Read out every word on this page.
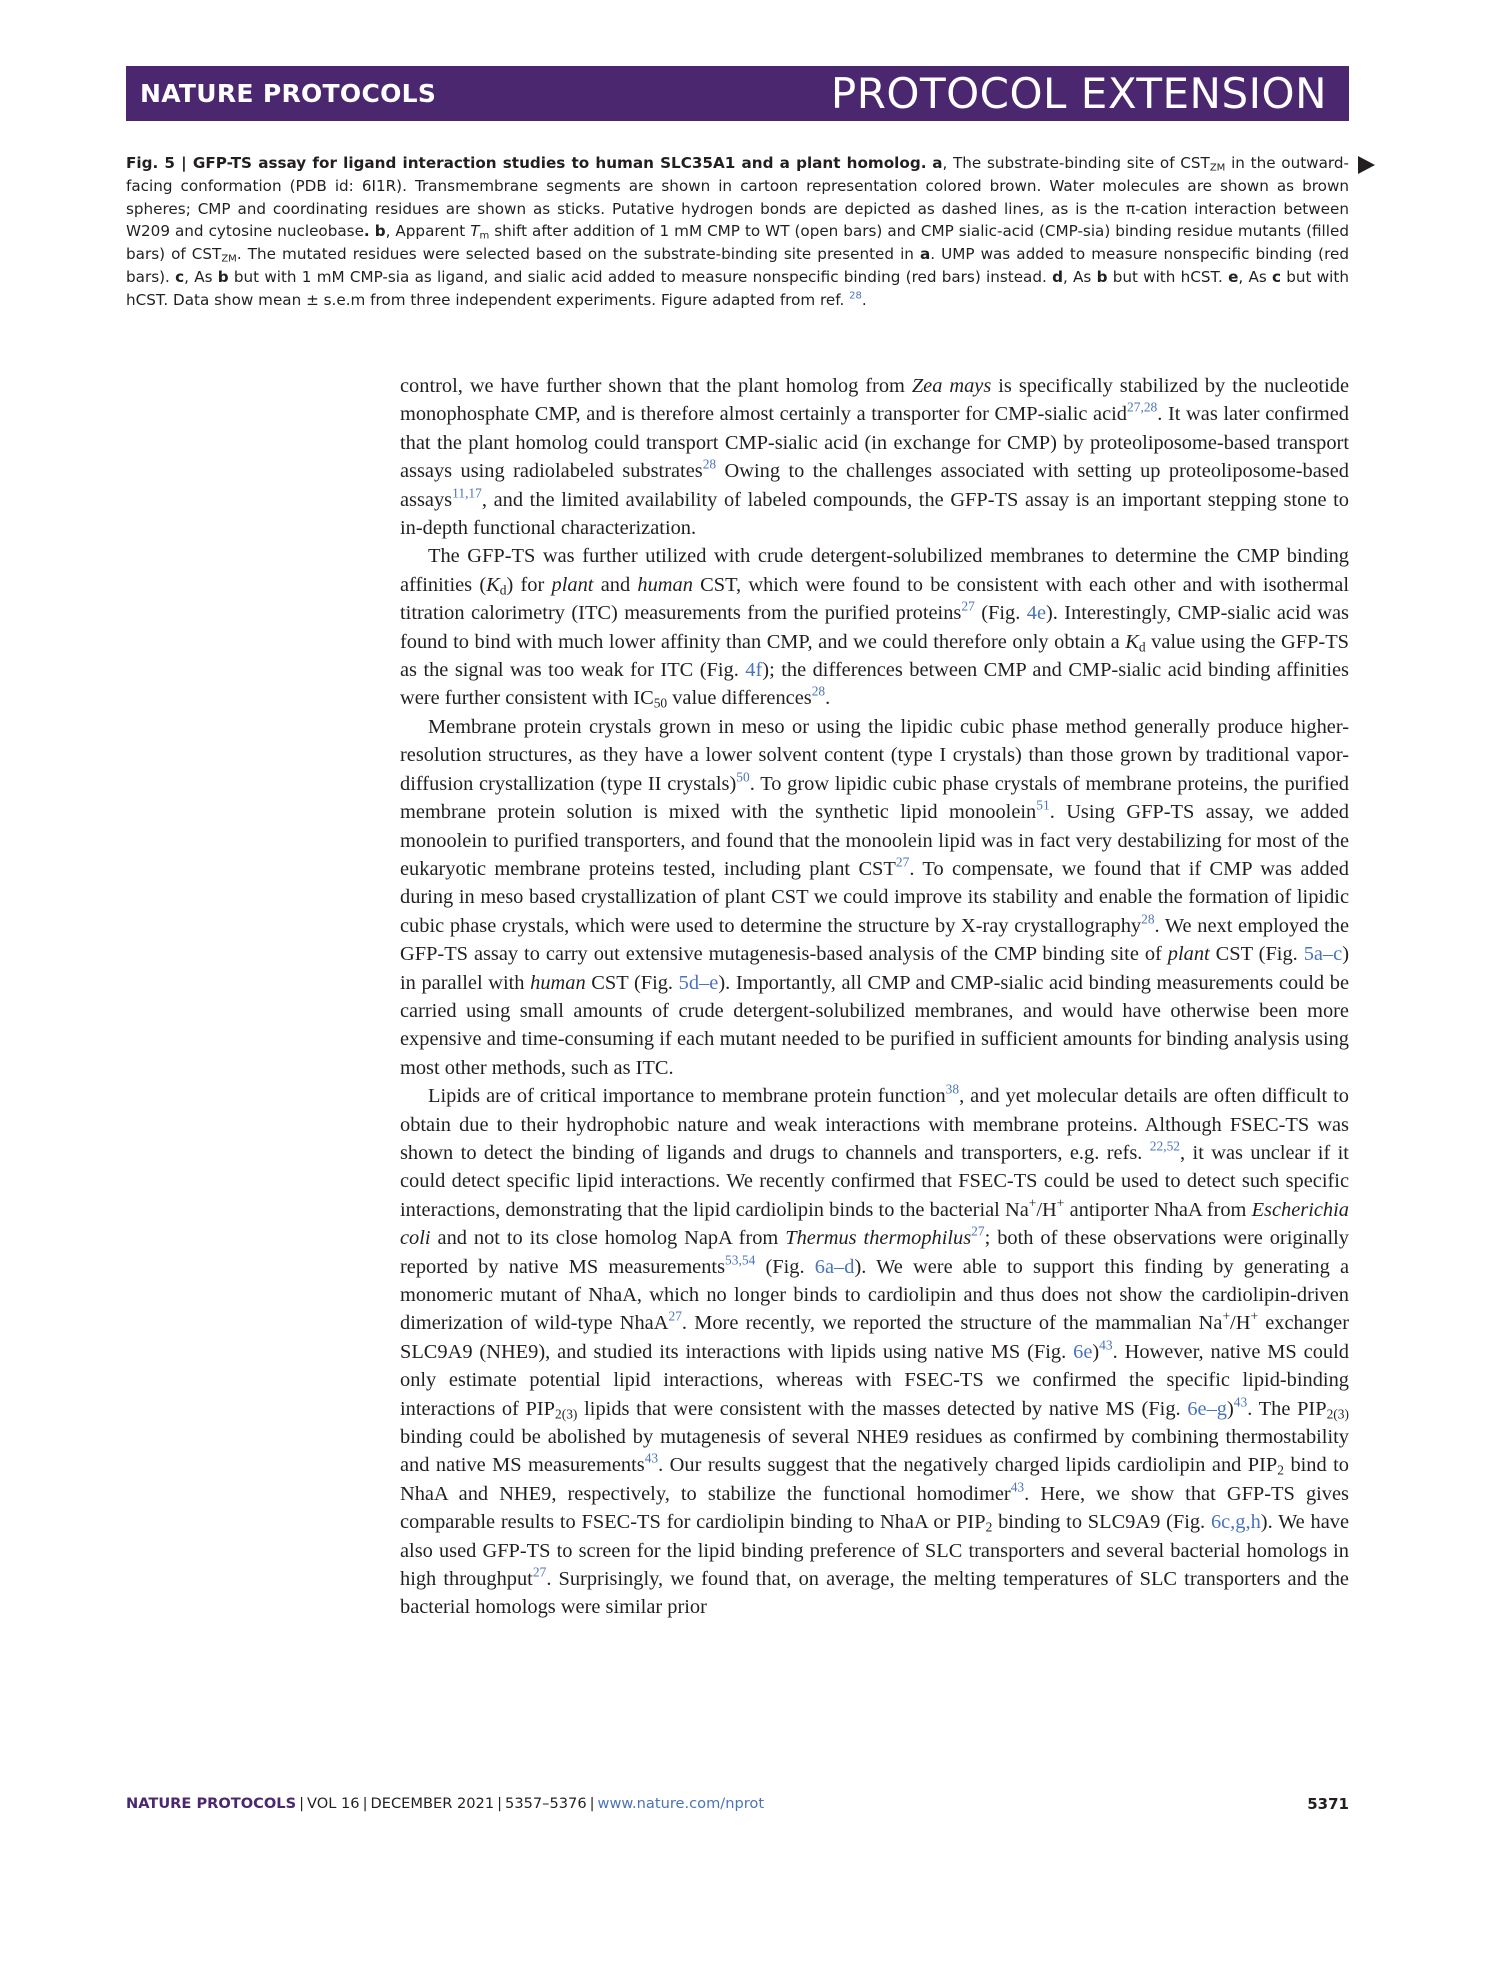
NATURE PROTOCOLS	PROTOCOL EXTENSION
Fig. 5 | GFP-TS assay for ligand interaction studies to human SLC35A1 and a plant homolog. a, The substrate-binding site of $CST_{ZM}$ in the outward-facing conformation (PDB id: 6I1R). Transmembrane segments are shown in cartoon representation colored brown. Water molecules are shown as brown spheres; CMP and coordinating residues are shown as sticks. Putative hydrogen bonds are depicted as dashed lines, as is the π-cation interaction between W209 and cytosine nucleobase. b, Apparent $T_m$ shift after addition of 1 mM CMP to WT (open bars) and CMP sialic-acid (CMP-sia) binding residue mutants (filled bars) of $CST_{ZM}$. The mutated residues were selected based on the substrate-binding site presented in a. UMP was added to measure nonspecific binding (red bars). c, As b but with 1 mM CMP-sia as ligand, and sialic acid added to measure nonspecific binding (red bars) instead. d, As b but with hCST. e, As c but with hCST. Data show mean ± s.e.m from three independent experiments. Figure adapted from ref. $^{28}$.

control, we have further shown that the plant homolog from Zea mays is specifically stabilized by the nucleotide monophosphate CMP, and is therefore almost certainly a transporter for CMP-sialic acid$^{27,28}$. It was later confirmed that the plant homolog could transport CMP-sialic acid (in exchange for CMP) by proteoliposome-based transport assays using radiolabeled substrates$^{28}$ Owing to the challenges associated with setting up proteoliposome-based assays$^{11,17}$, and the limited availability of labeled compounds, the GFP-TS assay is an important stepping stone to in-depth functional characterization.

The GFP-TS was further utilized with crude detergent-solubilized membranes to determine the CMP binding affinities $(K_d)$ for plant and human CST, which were found to be consistent with each other and with isothermal titration calorimetry (ITC) measurements from the purified proteins$^{27}$ (Fig. 4e). Interestingly, CMP-sialic acid was found to bind with much lower affinity than CMP, and we could therefore only obtain a $K_d$ value using the GFP-TS as the signal was too weak for ITC (Fig. 4f); the differences between CMP and CMP-sialic acid binding affinities were further consistent with $IC_{50}$ value differences$^{28}$.

Membrane protein crystals grown in meso or using the lipidic cubic phase method generally produce higher-resolution structures, as they have a lower solvent content (type I crystals) than those grown by traditional vapor-diffusion crystallization (type II crystals)$^{50}$. To grow lipidic cubic phase crystals of membrane proteins, the purified membrane protein solution is mixed with the synthetic lipid monoolein$^{51}$. Using GFP-TS assay, we added monoolein to purified transporters, and found that the monoolein lipid was in fact very destabilizing for most of the eukaryotic membrane proteins tested, including plant CST$^{27}$. To compensate, we found that if CMP was added during in meso based crystallization of plant CST we could improve its stability and enable the formation of lipidic cubic phase crystals, which were used to determine the structure by X-ray crystallography$^{28}$. We next employed the GFP-TS assay to carry out extensive mutagenesis-based analysis of the CMP binding site of plant CST (Fig. 5a–c) in parallel with human CST (Fig. 5d–e). Importantly, all CMP and CMP-sialic acid binding measurements could be carried using small amounts of crude detergent-solubilized membranes, and would have otherwise been more expensive and time-consuming if each mutant needed to be purified in sufficient amounts for binding analysis using most other methods, such as ITC.

Lipids are of critical importance to membrane protein function$^{38}$, and yet molecular details are often difficult to obtain due to their hydrophobic nature and weak interactions with membrane proteins. Although FSEC-TS was shown to detect the binding of ligands and drugs to channels and transporters, e.g. refs. $^{22,52}$, it was unclear if it could detect specific lipid interactions. We recently confirmed that FSEC-TS could be used to detect such specific interactions, demonstrating that the lipid cardiolipin binds to the bacterial Na+/H+ antiporter NhaA from Escherichia coli and not to its close homolog NapA from Thermus thermophilus$^{27}$; both of these observations were originally reported by native MS measurements$^{53,54}$ (Fig. 6a–d). We were able to support this finding by generating a monomeric mutant of NhaA, which no longer binds to cardiolipin and thus does not show the cardiolipin-driven dimerization of wild-type NhaA$^{27}$. More recently, we reported the structure of the mammalian Na+/H+ exchanger SLC9A9 (NHE9), and studied its interactions with lipids using native MS (Fig. 6e)$^{43}$. However, native MS could only estimate potential lipid interactions, whereas with FSEC-TS we confirmed the specific lipid-binding interactions of $PIP_{2(3)}$ lipids that were consistent with the masses detected by native MS (Fig. 6e–g)$^{43}$. The $PIP_{2(3)}$ binding could be abolished by mutagenesis of several NHE9 residues as confirmed by combining thermostability and native MS measurements$^{43}$. Our results suggest that the negatively charged lipids cardiolipin and $PIP_2$ bind to NhaA and NHE9, respectively, to stabilize the functional homodimer$^{43}$. Here, we show that GFP-TS gives comparable results to FSEC-TS for cardiolipin binding to NhaA or $PIP_2$ binding to SLC9A9 (Fig. 6c,g,h). We have also used GFP-TS to screen for the lipid binding preference of SLC transporters and several bacterial homologs in high throughput$^{27}$. Surprisingly, we found that, on average, the melting temperatures of SLC transporters and the bacterial homologs were similar prior

NATURE PROTOCOLS | VOL 16 | DECEMBER 2021 | 5357–5376 | www.nature.com/nprot	5371
